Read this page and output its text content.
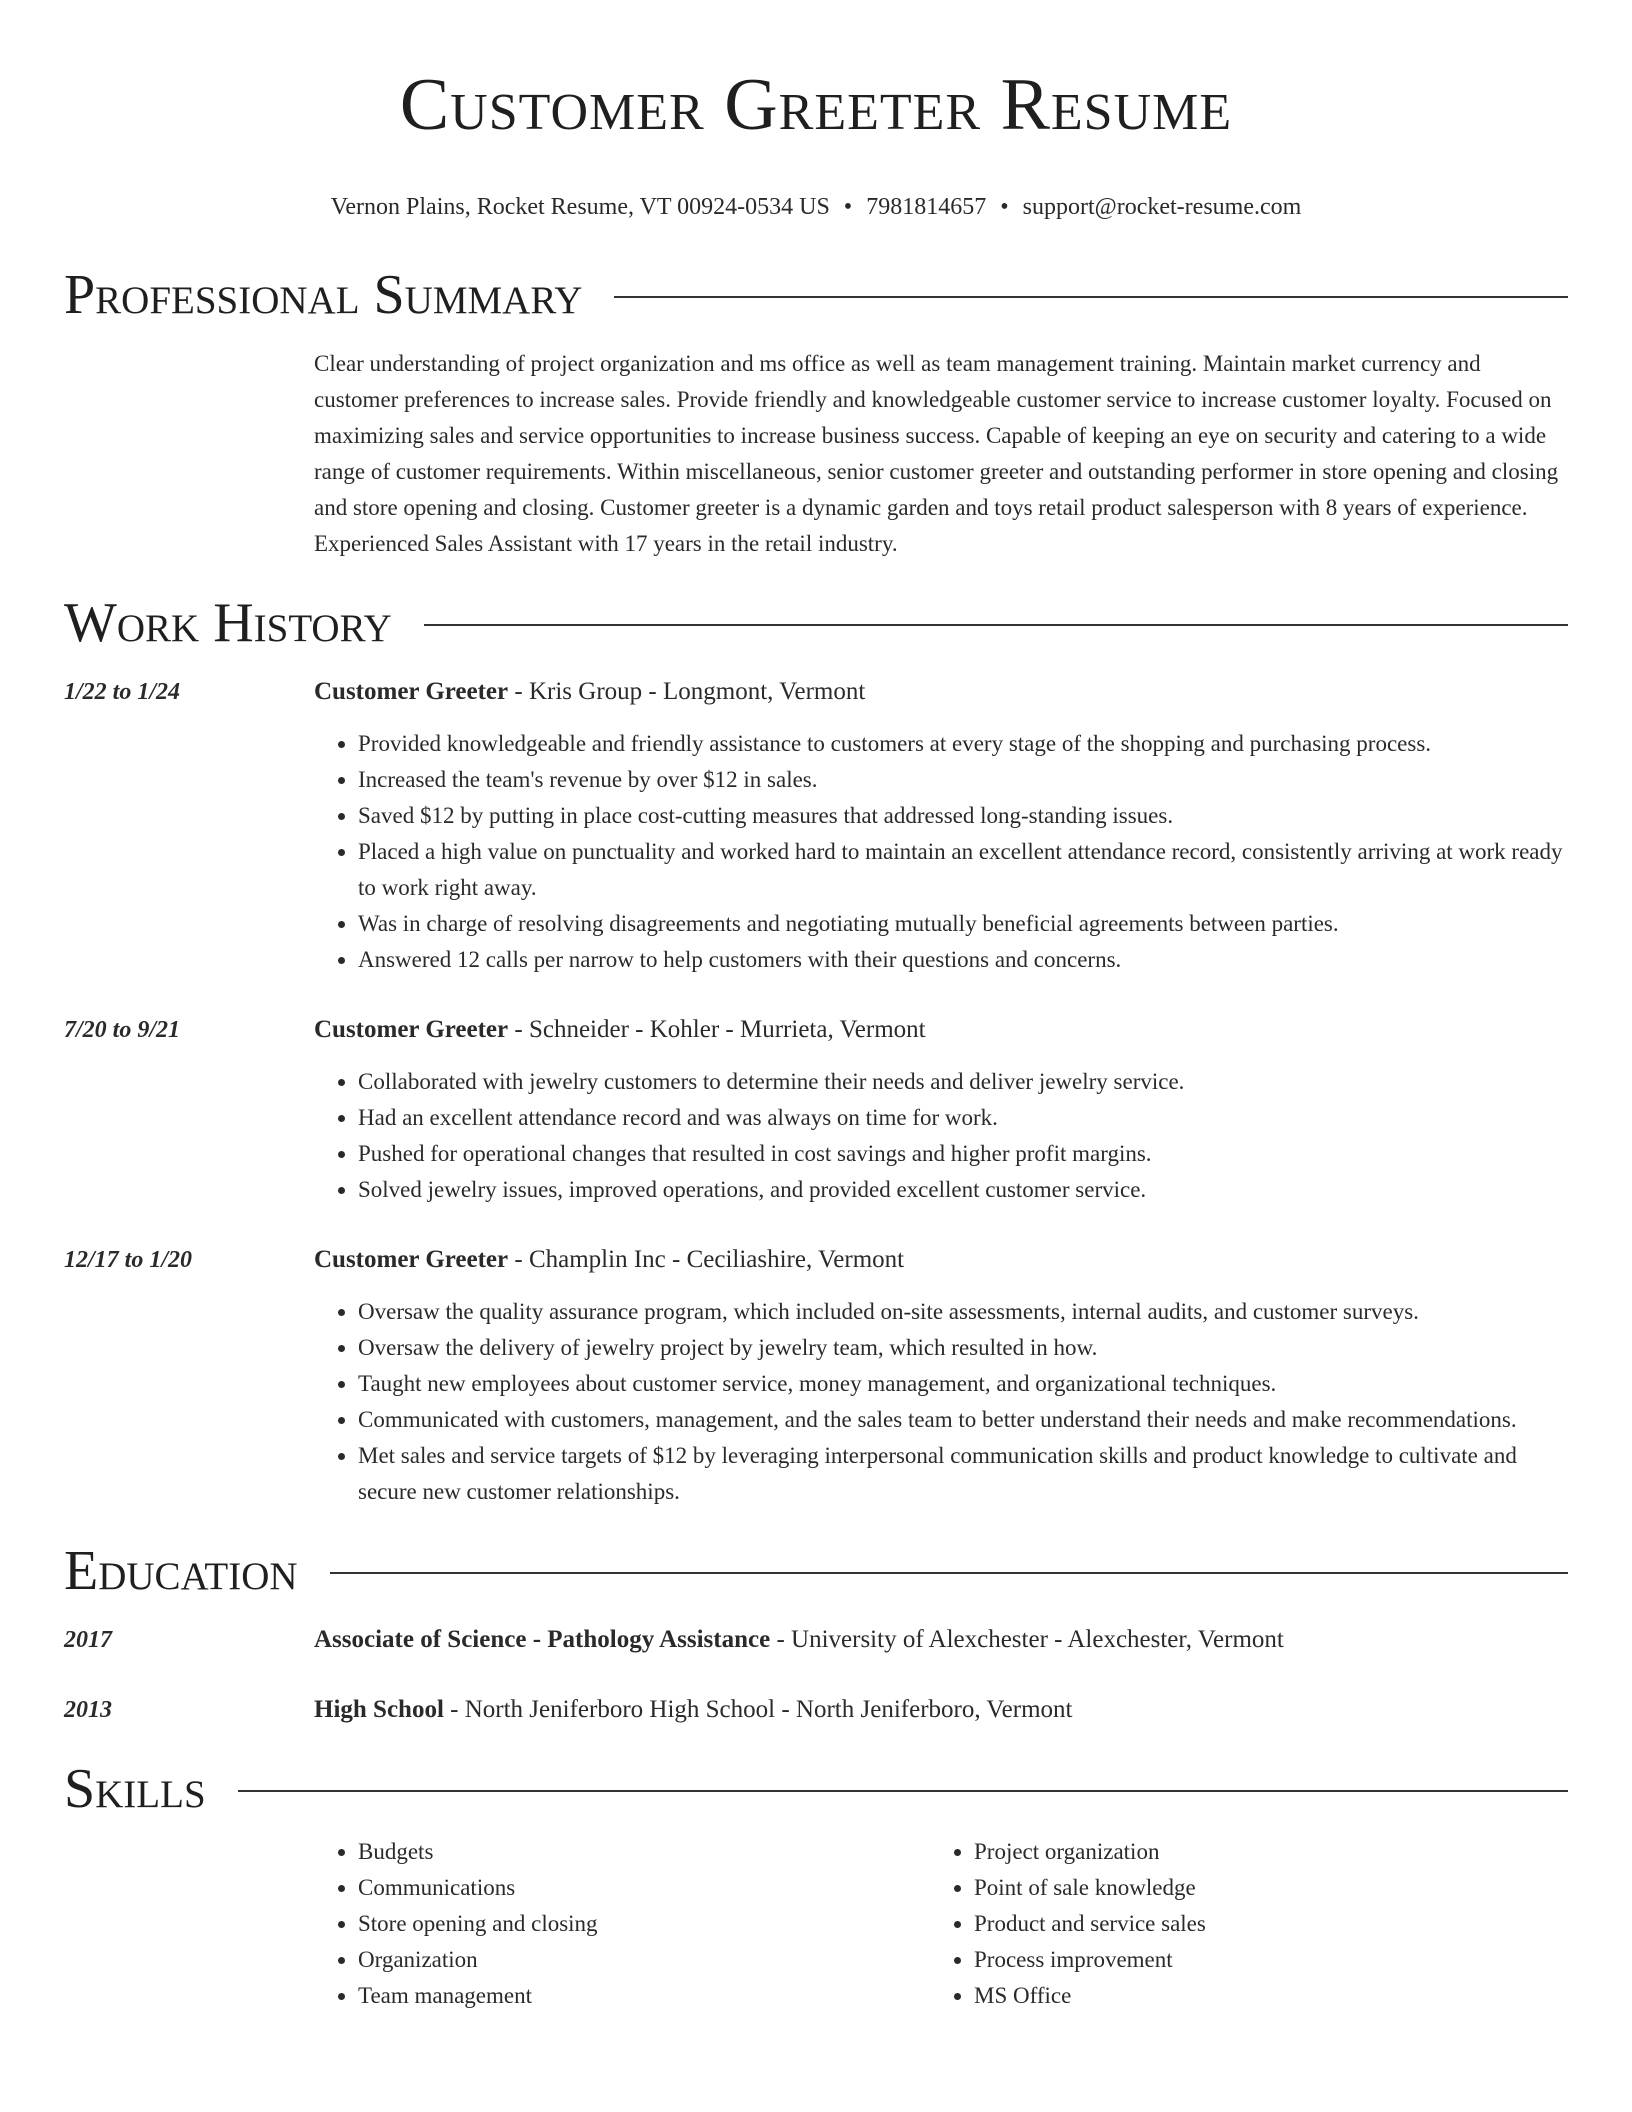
Customer Greeter Resume
Vernon Plains, Rocket Resume, VT 00924-0534 US • 7981814657 • support@rocket-resume.com
Professional Summary
Clear understanding of project organization and ms office as well as team management training. Maintain market currency and customer preferences to increase sales. Provide friendly and knowledgeable customer service to increase customer loyalty. Focused on maximizing sales and service opportunities to increase business success. Capable of keeping an eye on security and catering to a wide range of customer requirements. Within miscellaneous, senior customer greeter and outstanding performer in store opening and closing and store opening and closing. Customer greeter is a dynamic garden and toys retail product salesperson with 8 years of experience. Experienced Sales Assistant with 17 years in the retail industry.
Work History
1/22 to 1/24	Customer Greeter - Kris Group - Longmont, Vermont
• Provided knowledgeable and friendly assistance to customers at every stage of the shopping and purchasing process.
• Increased the team's revenue by over $12 in sales.
• Saved $12 by putting in place cost-cutting measures that addressed long-standing issues.
• Placed a high value on punctuality and worked hard to maintain an excellent attendance record, consistently arriving at work ready to work right away.
• Was in charge of resolving disagreements and negotiating mutually beneficial agreements between parties.
• Answered 12 calls per narrow to help customers with their questions and concerns.
7/20 to 9/21	Customer Greeter - Schneider - Kohler - Murrieta, Vermont
• Collaborated with jewelry customers to determine their needs and deliver jewelry service.
• Had an excellent attendance record and was always on time for work.
• Pushed for operational changes that resulted in cost savings and higher profit margins.
• Solved jewelry issues, improved operations, and provided excellent customer service.
12/17 to 1/20	Customer Greeter - Champlin Inc - Ceciliashire, Vermont
• Oversaw the quality assurance program, which included on-site assessments, internal audits, and customer surveys.
• Oversaw the delivery of jewelry project by jewelry team, which resulted in how.
• Taught new employees about customer service, money management, and organizational techniques.
• Communicated with customers, management, and the sales team to better understand their needs and make recommendations.
• Met sales and service targets of $12 by leveraging interpersonal communication skills and product knowledge to cultivate and secure new customer relationships.
Education
2017	Associate of Science - Pathology Assistance - University of Alexchester - Alexchester, Vermont
2013	High School - North Jeniferboro High School - North Jeniferboro, Vermont
Skills
• Budgets
• Communications
• Store opening and closing
• Organization
• Team management
• Project organization
• Point of sale knowledge
• Product and service sales
• Process improvement
• MS Office
